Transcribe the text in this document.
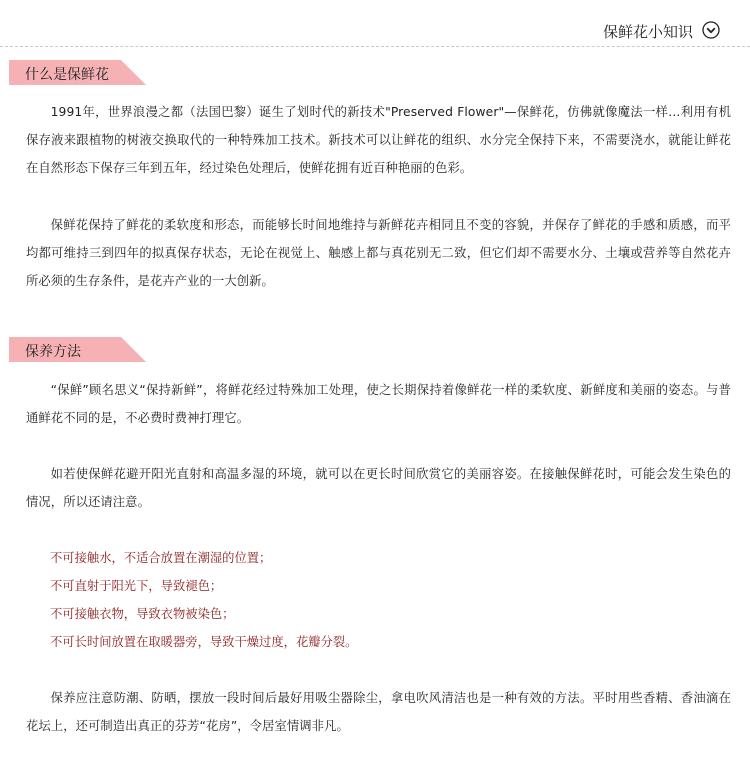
保鲜花小知识
什么是保鲜花

1991年，世界浪漫之都（法国巴黎）诞生了划时代的新技术"Preserved Flower"—保鲜花，仿佛就像魔法一样…利用有机保存液来跟植物的树液交换取代的一种特殊加工技术。新技术可以让鲜花的组织、水分完全保持下来，不需要浇水，就能让鲜花在自然形态下保存三年到五年，经过染色处理后，使鲜花拥有近百种艳丽的色彩。

保鲜花保持了鲜花的柔软度和形态，而能够长时间地维持与新鲜花卉相同且不变的容貌，并保存了鲜花的手感和质感，而平均都可维持三到四年的拟真保存状态，无论在视觉上、触感上都与真花别无二致，但它们却不需要水分、土壤或营养等自然花卉所必须的生存条件，是花卉产业的一大创新。

保养方法

“保鲜”顾名思义“保持新鲜”，将鲜花经过特殊加工处理，使之长期保持着像鲜花一样的柔软度、新鲜度和美丽的姿态。与普通鲜花不同的是，不必费时费神打理它。

如若使保鲜花避开阳光直射和高温多湿的环境，就可以在更长时间欣赏它的美丽容姿。在接触保鲜花时，可能会发生染色的情况，所以还请注意。

不可接触水，不适合放置在潮湿的位置；
不可直射于阳光下，导致褪色；
不可接触衣物，导致衣物被染色；
不可长时间放置在取暖器旁，导致干燥过度，花瓣分裂。

保养应注意防潮、防晒，摆放一段时间后最好用吸尘器除尘，拿电吹风清洁也是一种有效的方法。平时用些香精、香油滴在花坛上，还可制造出真正的芬芳“花房”，令居室情调非凡。
